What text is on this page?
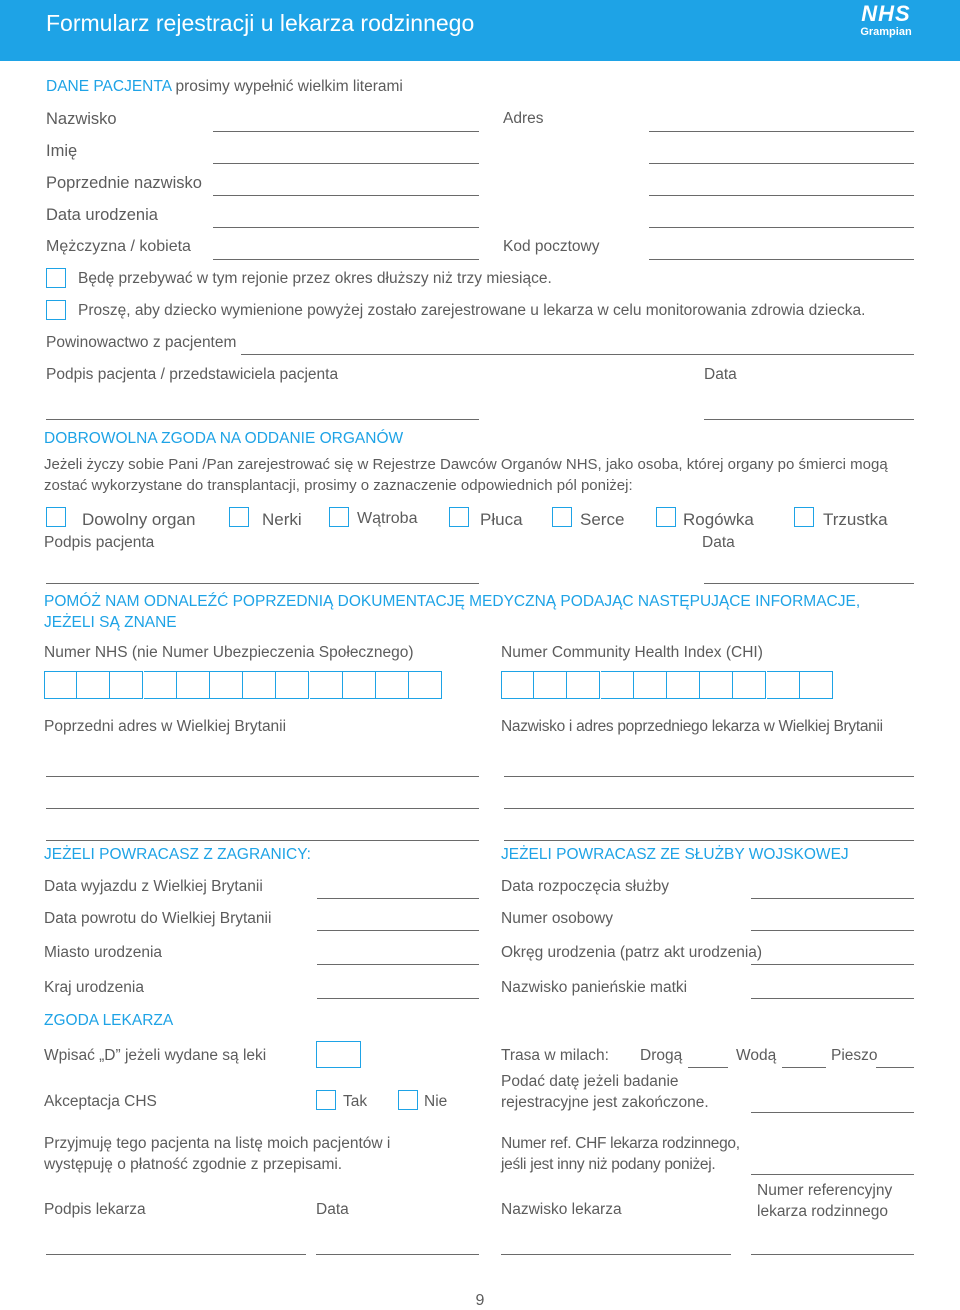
Formularz rejestracji u lekarza rodzinnego	NHS
Grampian
DANE PACJENTA prosimy wypełnić wielkim literami
Nazwisko
Imię
Poprzednie nazwisko
Data urodzenia
Mężczyzna / kobieta
Adres
Kod pocztowy
Będę przebywać w tym rejonie przez okres dłuższy niż trzy miesiące.
Proszę, aby dziecko wymienione powyżej zostało zarejestrowane u lekarza w celu monitorowania zdrowia dziecka.
Powinowactwo z pacjentem
Podpis pacjenta / przedstawiciela pacjenta	Data
DOBROWOLNA ZGODA NA ODDANIE ORGANÓW
Jeżeli życzy sobie Pani /Pan zarejestrować się w Rejestrze Dawców Organów NHS, jako osoba, której organy po śmierci mogą zostać wykorzystane do transplantacji, prosimy o zaznaczenie odpowiednich pól poniżej:
Dowolny organ	Nerki	Wątroba	Płuca	Serce	Rogówka	Trzustka
Podpis pacjenta	Data
POMÓŻ NAM ODNALEŹĆ POPRZEDNIĄ DOKUMENTACJĘ MEDYCZNĄ PODAJĄC NASTĘPUJĄCE INFORMACJE, JEŻELI SĄ ZNANE
Numer NHS (nie Numer Ubezpieczenia Społecznego)	Numer Community Health Index (CHI)
Poprzedni adres w Wielkiej Brytanii	Nazwisko i adres poprzedniego lekarza w Wielkiej Brytanii
JEŻELI POWRACASZ Z ZAGRANICY:
Data wyjazdu z Wielkiej Brytanii
Data powrotu do Wielkiej Brytanii
Miasto urodzenia
Kraj urodzenia
JEŻELI POWRACASZ ZE SŁUŻBY WOJSKOWEJ
Data rozpoczęcia służby
Numer osobowy
Okręg urodzenia (patrz akt urodzenia)
Nazwisko panieńskie matki
ZGODA LEKARZA
Wpisać „D” jeżeli wydane są leki
Akceptacja CHS	Tak	Nie
Przyjmuję tego pacjenta na listę moich pacjentów i występuję o płatność zgodnie z przepisami.
Podpis lekarza	Data
Trasa w milach: Drogą	Wodą	Pieszo
Podać datę jeżeli badanie rejestracyjne jest zakończone.
Numer ref. CHF lekarza rodzinnego, jeśli jest inny niż podany poniżej.
Nazwisko lekarza
Numer referencyjny lekarza rodzinnego
9
